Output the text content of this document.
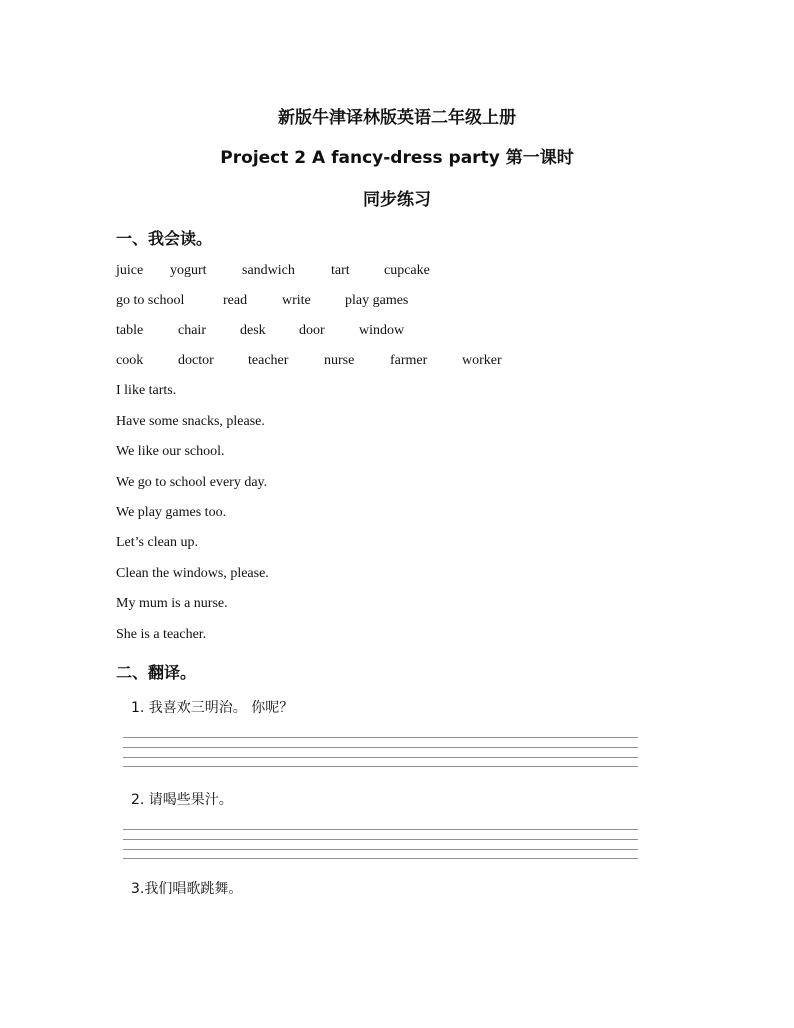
新版牛津译林版英语二年级上册
Project 2 A fancy-dress party 第一课时
同步练习
一、我会读。
juice yogurt	sandwich	tart cupcake
go to school	read write play games
table chair desk door window
cook doctor teacher	nurse	farmer worker
I like tarts.
Have some snacks, please.
We like our school.
We go to school every day.
We play games too.
Let’s clean up.
Clean the windows, please.
My mum is a nurse.
She is a teacher.
二、翻译。
1. 我喜欢三明治。 你呢？
2. 请喝些果汁。
3.我们唱歌跳舞。
